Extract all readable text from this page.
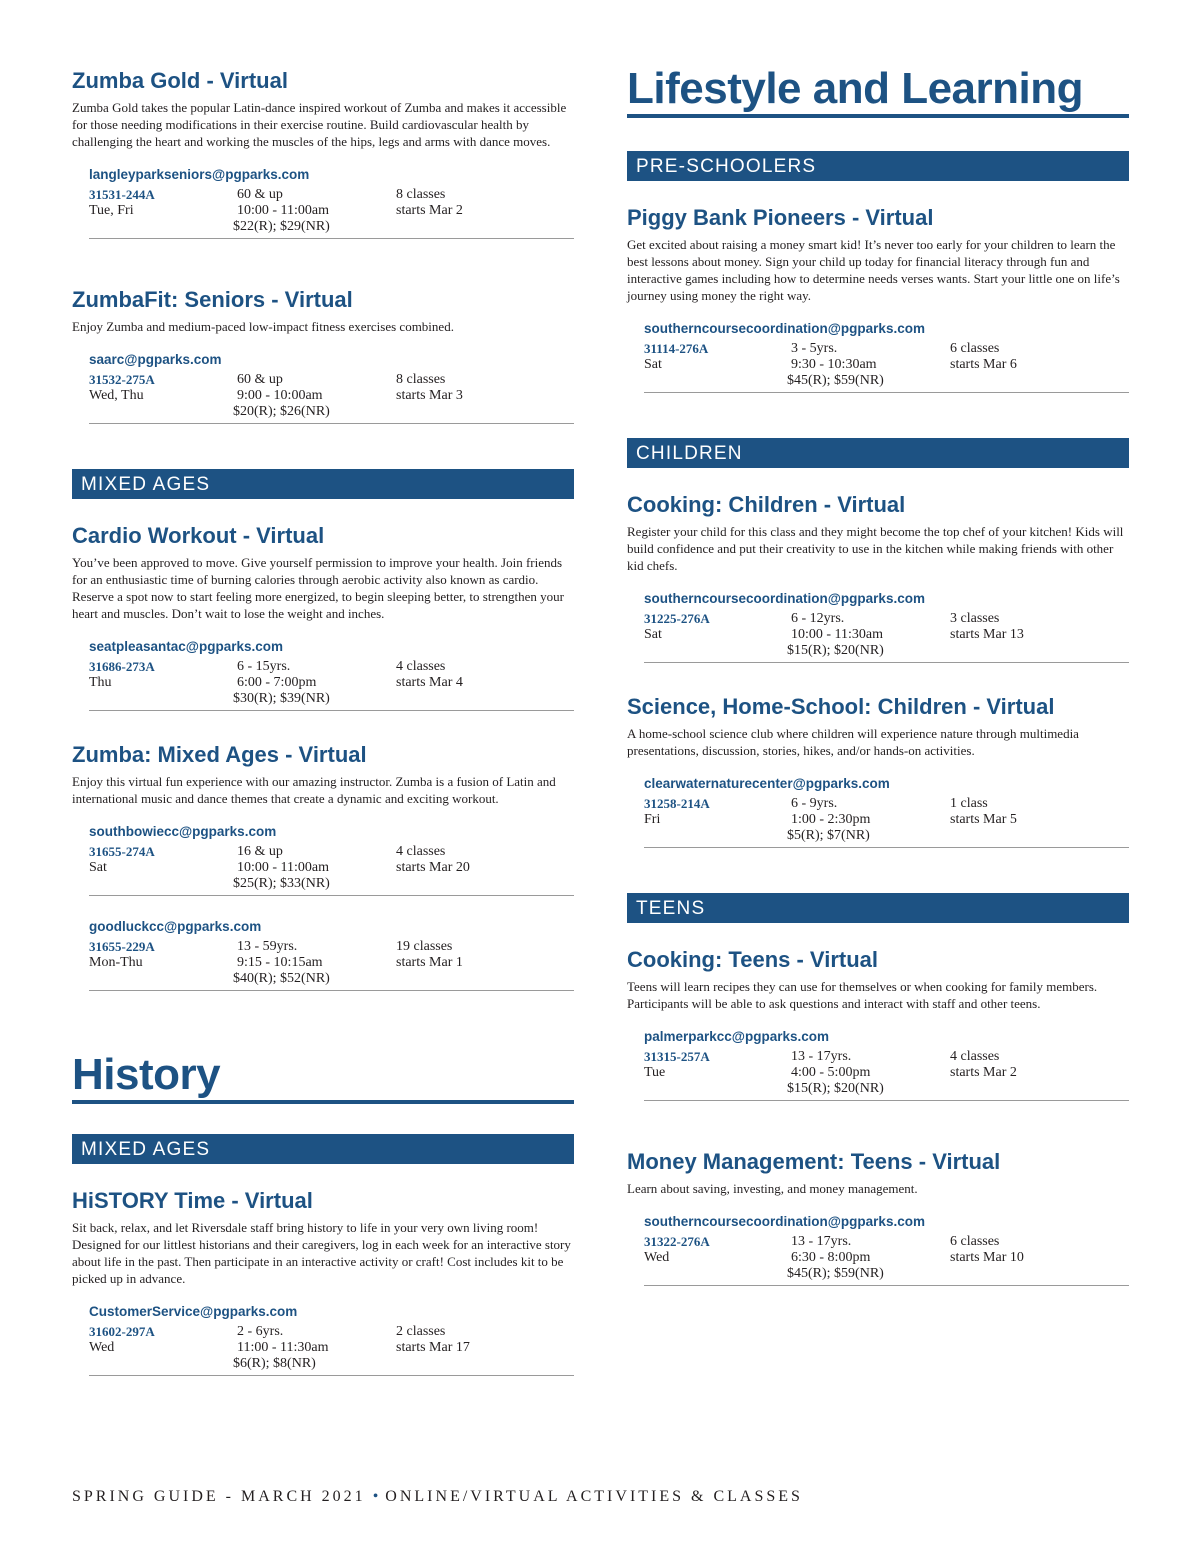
Zumba Gold - Virtual
Zumba Gold takes the popular Latin-dance inspired workout of Zumba and makes it accessible for those needing modifications in their exercise routine. Build cardiovascular health by challenging the heart and working the muscles of the hips, legs and arms with dance moves.
langleyparkseniors@pgparks.com
31531-244A	60 & up	8 classes
Tue, Fri	10:00 - 11:00am	starts Mar 2
$22(R); $29(NR)
ZumbaFit: Seniors - Virtual
Enjoy Zumba and medium-paced low-impact fitness exercises combined.
saarc@pgparks.com
31532-275A	60 & up	8 classes
Wed, Thu	9:00 - 10:00am	starts Mar 3
$20(R); $26(NR)
MIXED AGES
Cardio Workout - Virtual
You’ve been approved to move. Give yourself permission to improve your health. Join friends for an enthusiastic time of burning calories through aerobic activity also known as cardio. Reserve a spot now to start feeling more energized, to begin sleeping better, to strengthen your heart and muscles. Don’t wait to lose the weight and inches.
seatpleasantac@pgparks.com
31686-273A	6 - 15yrs.	4 classes
Thu	6:00 - 7:00pm	starts Mar 4
$30(R); $39(NR)
Zumba: Mixed Ages - Virtual
Enjoy this virtual fun experience with our amazing instructor. Zumba is a fusion of Latin and international music and dance themes that create a dynamic and exciting workout.
southbowiecc@pgparks.com
31655-274A	16 & up	4 classes
Sat	10:00 - 11:00am	starts Mar 20
$25(R); $33(NR)
goodluckcc@pgparks.com
31655-229A	13 - 59yrs.	19 classes
Mon-Thu	9:15 - 10:15am	starts Mar 1
$40(R); $52(NR)
History
MIXED AGES
HiSTORY Time - Virtual
Sit back, relax, and let Riversdale staff bring history to life in your very own living room! Designed for our littlest historians and their caregivers, log in each week for an interactive story about life in the past. Then participate in an interactive activity or craft! Cost includes kit to be picked up in advance.
CustomerService@pgparks.com
31602-297A	2 - 6yrs.	2 classes
Wed	11:00 - 11:30am	starts Mar 17
$6(R); $8(NR)
Lifestyle and Learning
PRE-SCHOOLERS
Piggy Bank Pioneers - Virtual
Get excited about raising a money smart kid! It’s never too early for your children to learn the best lessons about money. Sign your child up today for financial literacy through fun and interactive games including how to determine needs verses wants. Start your little one on life’s journey using money the right way.
southerncoursecoordination@pgparks.com
31114-276A	3 - 5yrs.	6 classes
Sat	9:30 - 10:30am	starts Mar 6
$45(R); $59(NR)
CHILDREN
Cooking: Children - Virtual
Register your child for this class and they might become the top chef of your kitchen! Kids will build confidence and put their creativity to use in the kitchen while making friends with other kid chefs.
southerncoursecoordination@pgparks.com
31225-276A	6 - 12yrs.	3 classes
Sat	10:00 - 11:30am	starts Mar 13
$15(R); $20(NR)
Science, Home-School: Children - Virtual
A home-school science club where children will experience nature through multimedia presentations, discussion, stories, hikes, and/or hands-on activities.
clearwaternaturecenter@pgparks.com
31258-214A	6 - 9yrs.	1 class
Fri	1:00 - 2:30pm	starts Mar 5
$5(R); $7(NR)
TEENS
Cooking: Teens - Virtual
Teens will learn recipes they can use for themselves or when cooking for family members. Participants will be able to ask questions and interact with staff and other teens.
palmerparkcc@pgparks.com
31315-257A	13 - 17yrs.	4 classes
Tue	4:00 - 5:00pm	starts Mar 2
$15(R); $20(NR)
Money Management: Teens - Virtual
Learn about saving, investing, and money management.
southerncoursecoordination@pgparks.com
31322-276A	13 - 17yrs.	6 classes
Wed	6:30 - 8:00pm	starts Mar 10
$45(R); $59(NR)
SPRING GUIDE - MARCH 2021 • ONLINE/VIRTUAL ACTIVITIES & CLASSES
